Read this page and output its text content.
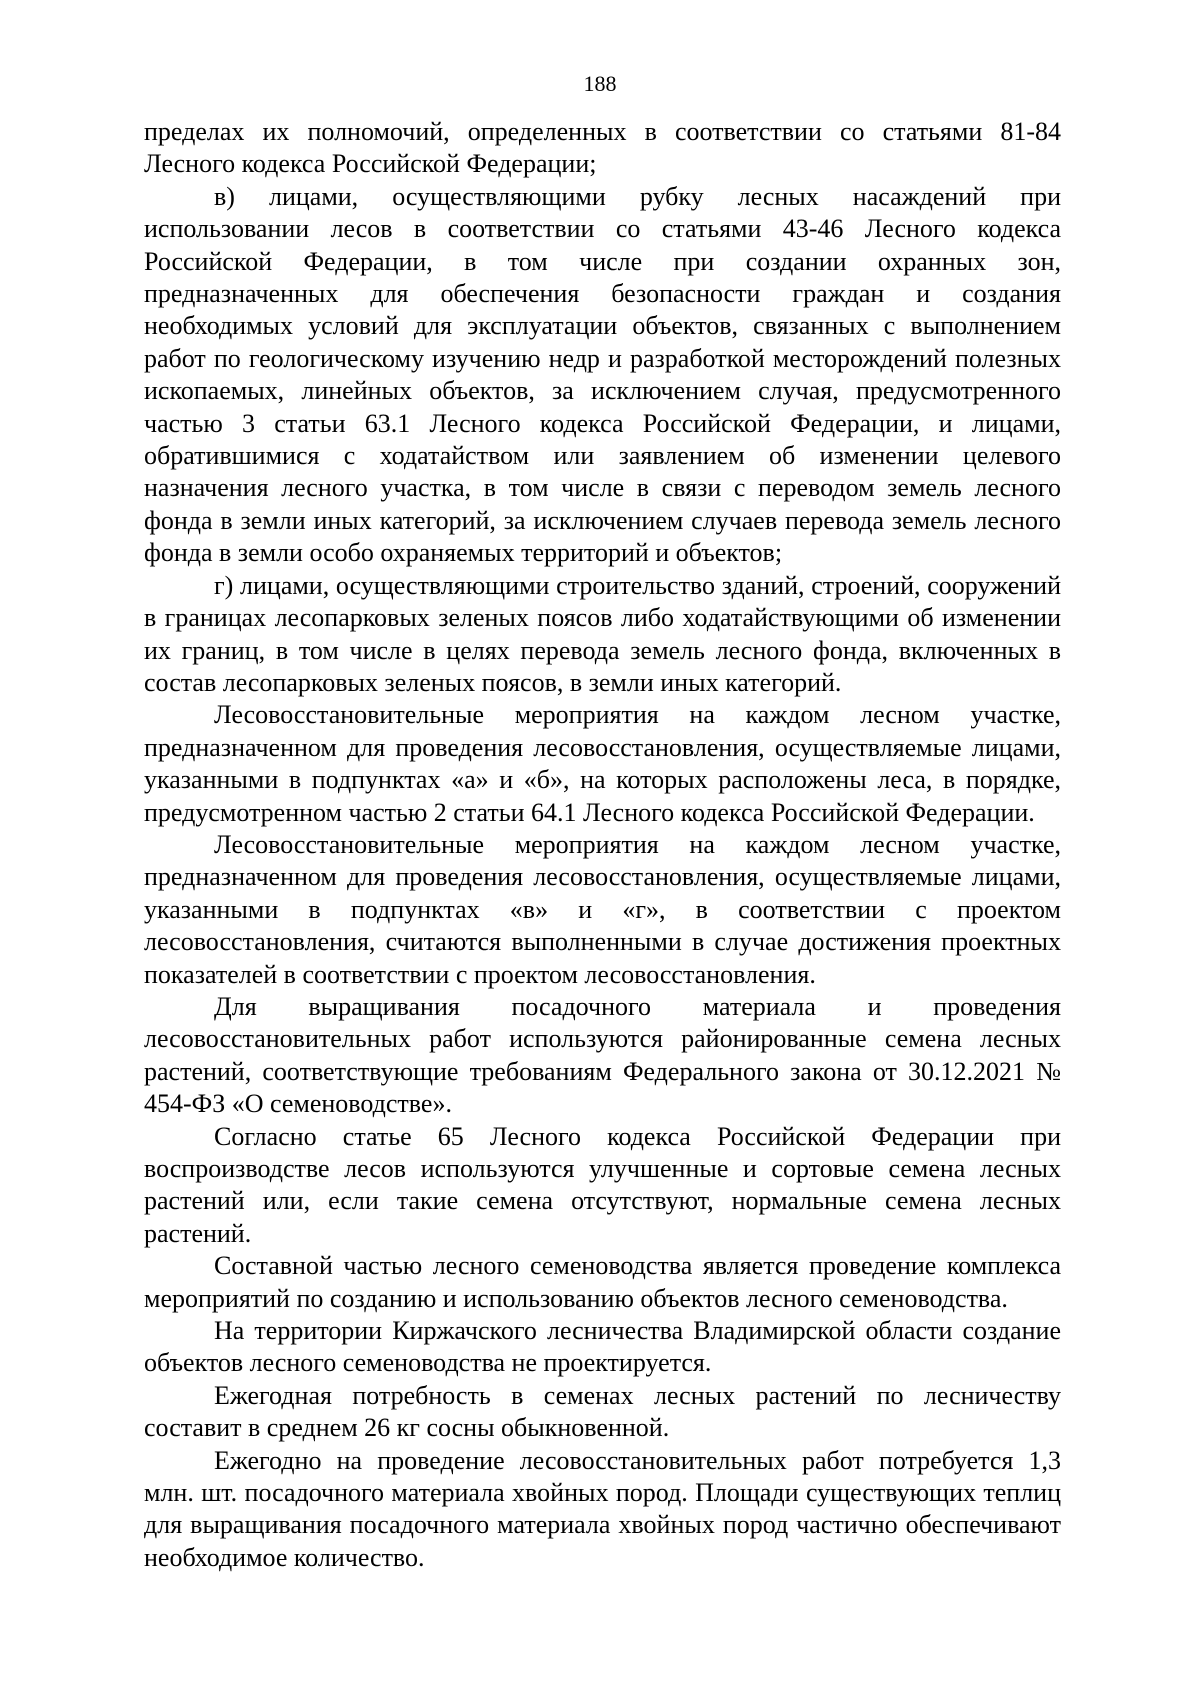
188

пределах их полномочий, определенных в соответствии со статьями 81-84 Лесного кодекса Российской Федерации;

в) лицами, осуществляющими рубку лесных насаждений при использовании лесов в соответствии со статьями 43-46 Лесного кодекса Российской Федерации, в том числе при создании охранных зон, предназначенных для обеспечения безопасности граждан и создания необходимых условий для эксплуатации объектов, связанных с выполнением работ по геологическому изучению недр и разработкой месторождений полезных ископаемых, линейных объектов, за исключением случая, предусмотренного частью 3 статьи 63.1 Лесного кодекса Российской Федерации, и лицами, обратившимися с ходатайством или заявлением об изменении целевого назначения лесного участка, в том числе в связи с переводом земель лесного фонда в земли иных категорий, за исключением случаев перевода земель лесного фонда в земли особо охраняемых территорий и объектов;

г) лицами, осуществляющими строительство зданий, строений, сооружений в границах лесопарковых зеленых поясов либо ходатайствующими об изменении их границ, в том числе в целях перевода земель лесного фонда, включенных в состав лесопарковых зеленых поясов, в земли иных категорий.

Лесовосстановительные мероприятия на каждом лесном участке, предназначенном для проведения лесовосстановления, осуществляемые лицами, указанными в подпунктах «а» и «б», на которых расположены леса, в порядке, предусмотренном частью 2 статьи 64.1 Лесного кодекса Российской Федерации.

Лесовосстановительные мероприятия на каждом лесном участке, предназначенном для проведения лесовосстановления, осуществляемые лицами, указанными в подпунктах «в» и «г», в соответствии с проектом лесовосстановления, считаются выполненными в случае достижения проектных показателей в соответствии с проектом лесовосстановления.

Для выращивания посадочного материала и проведения лесовосстановительных работ используются районированные семена лесных растений, соответствующие требованиям Федерального закона от 30.12.2021 № 454-ФЗ «О семеноводстве».

Согласно статье 65 Лесного кодекса Российской Федерации при воспроизводстве лесов используются улучшенные и сортовые семена лесных растений или, если такие семена отсутствуют, нормальные семена лесных растений.

Составной частью лесного семеноводства является проведение комплекса мероприятий по созданию и использованию объектов лесного семеноводства.

На территории Киржачского лесничества Владимирской области создание объектов лесного семеноводства не проектируется.

Ежегодная потребность в семенах лесных растений по лесничеству составит в среднем 26 кг сосны обыкновенной.

Ежегодно на проведение лесовосстановительных работ потребуется 1,3 млн. шт. посадочного материала хвойных пород. Площади существующих теплиц для выращивания посадочного материала хвойных пород частично обеспечивают необходимое количество.
